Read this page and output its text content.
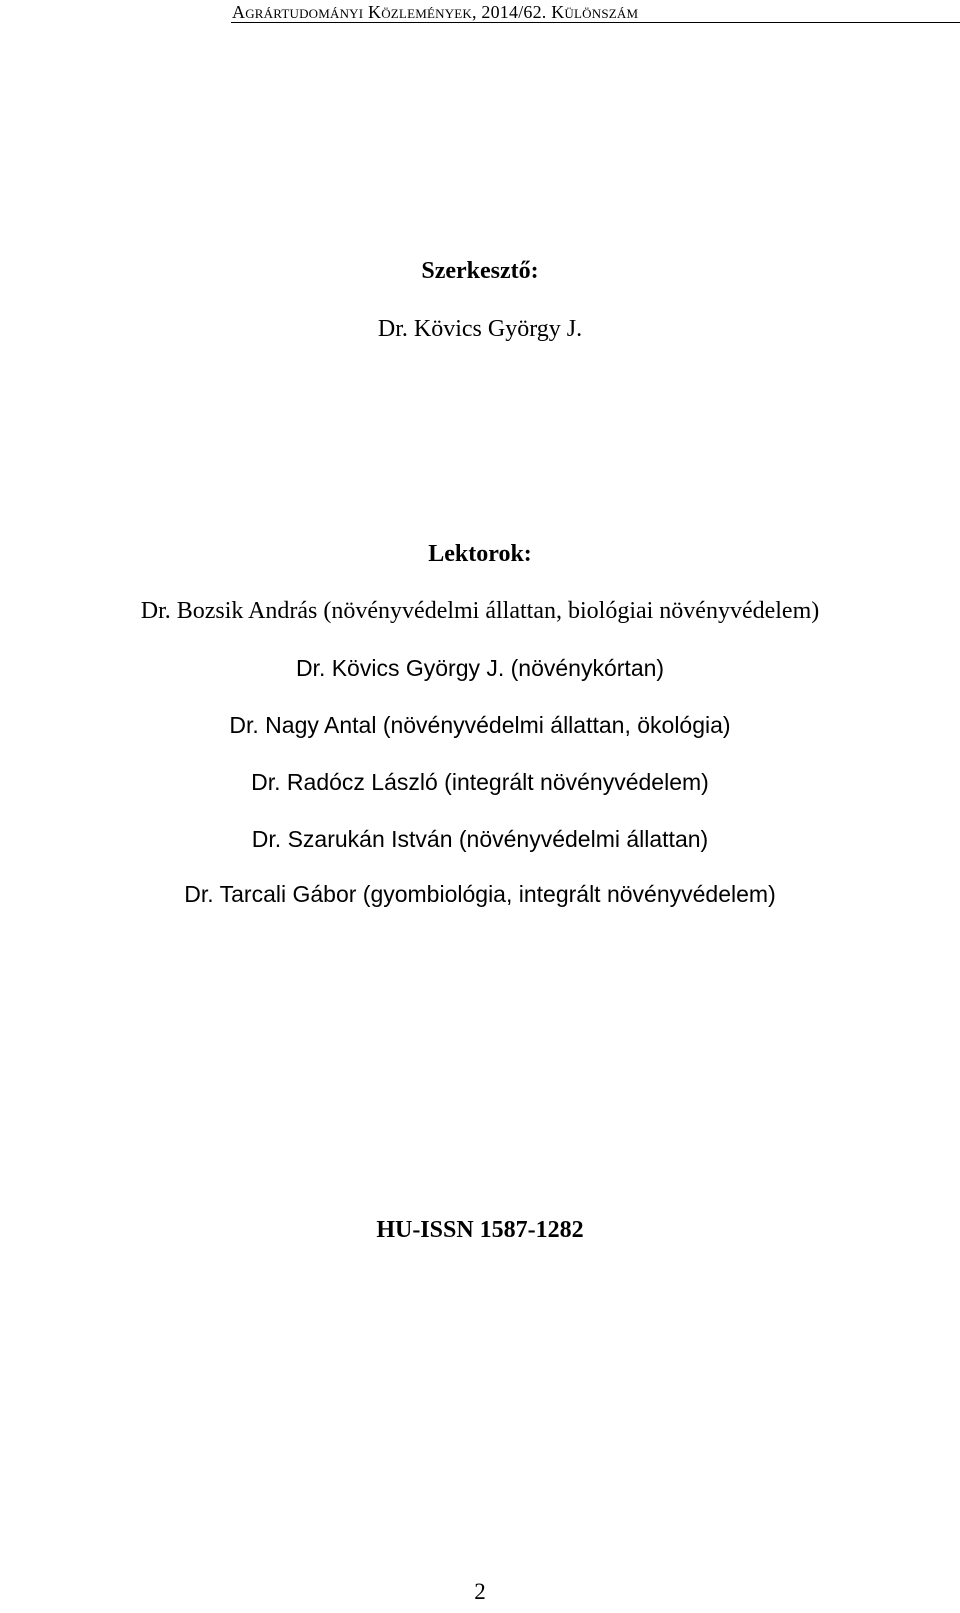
Agrártudományi Közlemények, 2014/62. Különszám
Szerkesztő:
Dr. Kövics György J.
Lektorok:
Dr. Bozsik András (növényvédelmi állattan, biológiai növényvédelem)
Dr. Kövics György J. (növénykórtan)
Dr. Nagy Antal (növényvédelmi állattan, ökológia)
Dr. Radócz László (integrált növényvédelem)
Dr. Szarukán István (növényvédelmi állattan)
Dr. Tarcali Gábor (gyombiológia, integrált növényvédelem)
HU-ISSN 1587-1282
2
